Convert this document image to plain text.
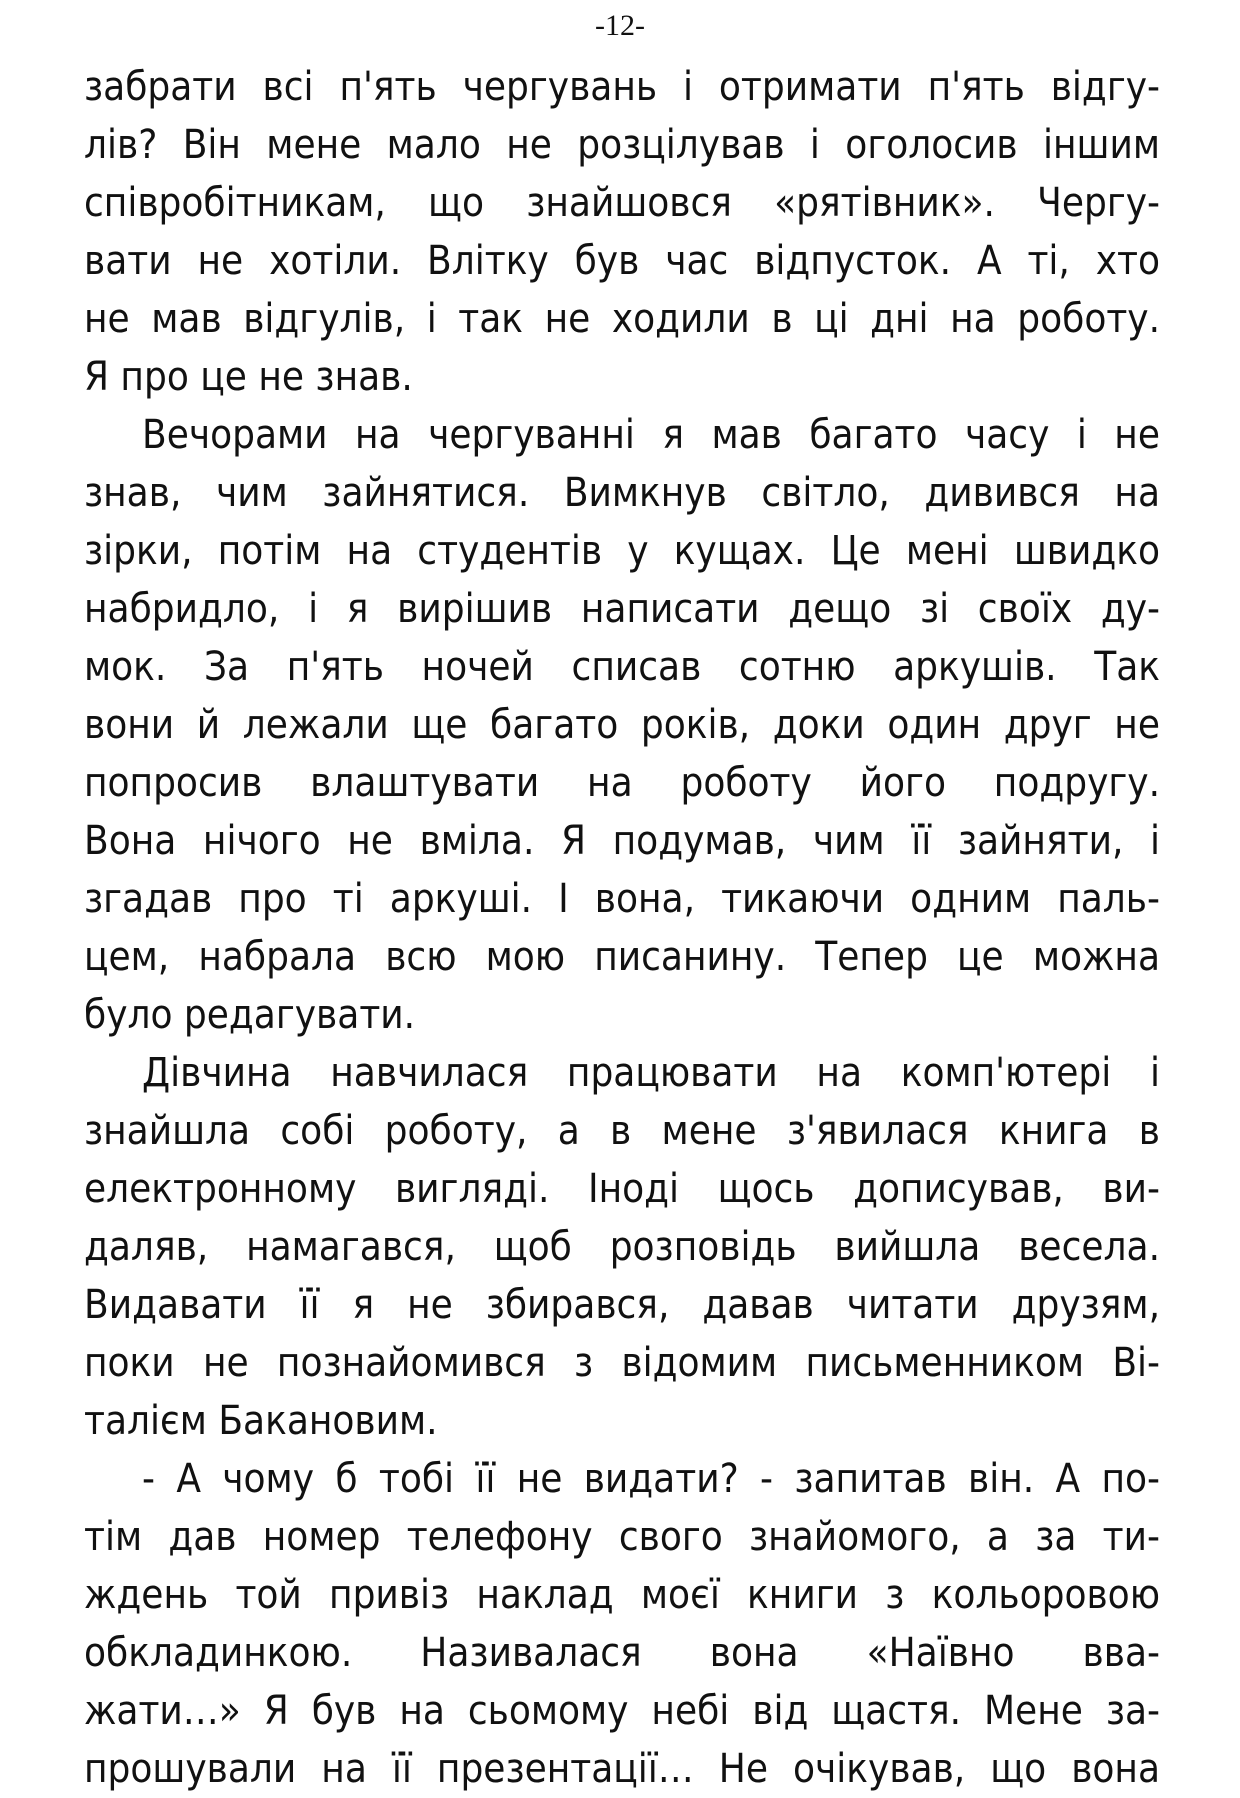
-12-
забрати всі п'ять чергувань і отримати п'ять відгу-
лів? Він мене мало не розцілував і оголосив іншим
співробітникам, що знайшовся «рятівник». Чергу-
вати не хотіли. Влітку був час відпусток. А ті, хто
не мав відгулів, і так не ходили в ці дні на роботу.
Я про це не знав.
Вечорами на чергуванні я мав багато часу і не
знав, чим зайнятися. Вимкнув світло, дивився на
зірки, потім на студентів у кущах. Це мені швидко
набридло, і я вирішив написати дещо зі своїх ду-
мок. За п'ять ночей списав сотню аркушів. Так
вони й лежали ще багато років, доки один друг не
попросив влаштувати на роботу його подругу.
Вона нічого не вміла. Я подумав, чим її зайняти, і
згадав про ті аркуші. І вона, тикаючи одним паль-
цем, набрала всю мою писанину. Тепер це можна
було редагувати.
Дівчина навчилася працювати на комп'ютері і
знайшла собі роботу, а в мене з'явилася книга в
електронному вигляді. Іноді щось дописував, ви-
даляв, намагався, щоб розповідь вийшла весела.
Видавати її я не збирався, давав читати друзям,
поки не познайомився з відомим письменником Ві-
талієм Бакановим.
- А чому б тобі її не видати? - запитав він. А по-
тім дав номер телефону свого знайомого, а за ти-
ждень той привіз наклад моєї книги з кольоровою
обкладинкою. Називалася вона «Наївно вва-
жати…» Я був на сьомому небі від щастя. Мене за-
прошували на її презентації… Не очікував, що вона
